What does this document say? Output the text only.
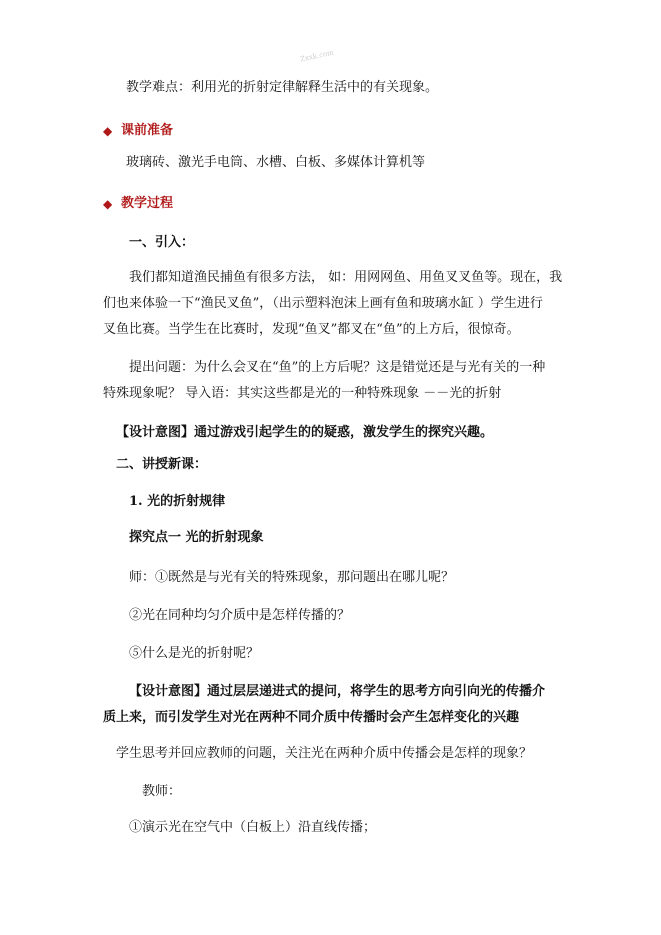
Zxxk.com
教学难点：利用光的折射定律解释生活中的有关现象。
◆ 课前准备
玻璃砖、激光手电筒、水槽、白板、多媒体计算机等
◆ 教学过程
一、引入：
我们都知道渔民捕鱼有很多方法， 如：用网网鱼、用鱼叉叉鱼等。现在，我
们也来体验一下“渔民叉鱼”，（出示塑料泡沫上画有鱼和玻璃水缸 ）学生进行
叉鱼比赛。当学生在比赛时，发现“鱼叉”都叉在“鱼”的上方后，很惊奇。
提出问题：为什么会叉在“鱼”的上方后呢？这是错觉还是与光有关的一种
特殊现象呢？ 导入语：其实这些都是光的一种特殊现象 －－光的折射
【设计意图】通过游戏引起学生的的疑惑，激发学生的探究兴趣。
二、讲授新课：
1. 光的折射规律
探究点一 光的折射现象
师：①既然是与光有关的特殊现象，那问题出在哪儿呢？
②光在同种均匀介质中是怎样传播的？
⑤什么是光的折射呢？
【设计意图】通过层层递进式的提问，将学生的思考方向引向光的传播介
质上来，而引发学生对光在两种不同介质中传播时会产生怎样变化的兴趣
学生思考并回应教师的问题，关注光在两种介质中传播会是怎样的现象？
教师：
①演示光在空气中（白板上）沿直线传播；
